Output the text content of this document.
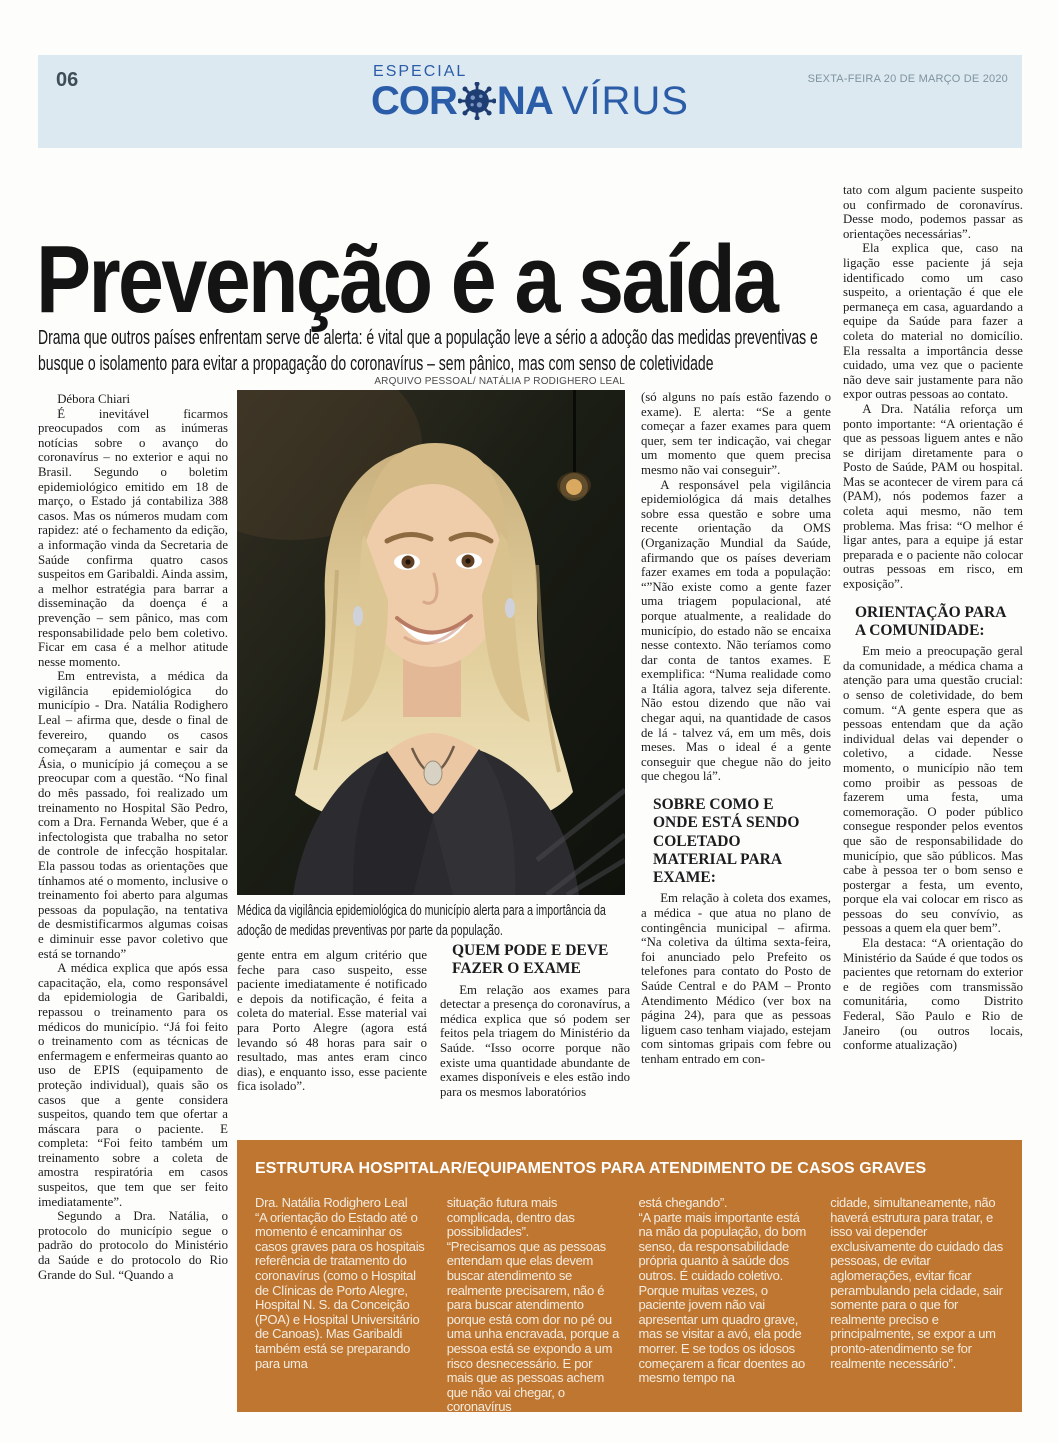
06	ESPECIAL
COR NA VÍRUS	SEXTA-FEIRA 20 DE MARÇO DE 2020
Prevenção é a saída

Drama que outros países enfrentam serve de alerta: é vital que a população leve a sério a adoção das medidas preventivas e busque o isolamento para evitar a propagação do coronavírus – sem pânico, mas com senso de coletividade

Débora Chiari

É inevitável ficarmos preocupados com as inúmeras notícias sobre o avanço do coronavírus – no exterior e aqui no Brasil. Segundo o boletim epidemiológico emitido em 18 de março, o Estado já contabiliza 388 casos. Mas os números mudam com rapidez: até o fechamento da edição, a informação vinda da Secretaria de Saúde confirma quatro casos suspeitos em Garibaldi. Ainda assim, a melhor estratégia para barrar a disseminação da doença é a prevenção – sem pânico, mas com responsabilidade pelo bem coletivo. Ficar em casa é a melhor atitude nesse momento.

Em entrevista, a médica da vigilância epidemiológica do município - Dra. Natália Rodighero Leal – afirma que, desde o final de fevereiro, quando os casos começaram a aumentar e sair da Ásia, o município já começou a se preocupar com a questão. “No final do mês passado, foi realizado um treinamento no Hospital São Pedro, com a Dra. Fernanda Weber, que é a infectologista que trabalha no setor de controle de infecção hospitalar. Ela passou todas as orientações que tínhamos até o momento, inclusive o treinamento foi aberto para algumas pessoas da população, na tentativa de desmistificarmos algumas coisas e diminuir esse pavor coletivo que está se tornando”

A médica explica que após essa capacitação, ela, como responsável da epidemiologia de Garibaldi, repassou o treinamento para os médicos do município. “Já foi feito o treinamento com as técnicas de enfermagem e enfermeiras quanto ao uso de EPIS (equipamento de proteção individual), quais são os casos que a gente considera suspeitos, quando tem que ofertar a máscara para o paciente. E completa: “Foi feito também um treinamento sobre a coleta de amostra respiratória em casos suspeitos, que tem que ser feito imediatamente”.

Segundo a Dra. Natália, o protocolo do município segue o padrão do protocolo do Ministério da Saúde e do protocolo do Rio Grande do Sul. “Quando a

ARQUIVO PESSOAL/ NATÁLIA P RODIGHERO LEAL
Médica da vigilância epidemiológica do município alerta para a importância da adoção de medidas preventivas por parte da população.

gente entra em algum critério que feche para caso suspeito, esse paciente imediatamente é notificado e depois da notificação, é feita a coleta do material. Esse material vai para Porto Alegre (agora está levando só 48 horas para sair o resultado, mas antes eram cinco dias), e enquanto isso, esse paciente fica isolado”.

QUEM PODE E DEVE FAZER O EXAME

Em relação aos exames para detectar a presença do coronavírus, a médica explica que só podem ser feitos pela triagem do Ministério da Saúde. “Isso ocorre porque não existe uma quantidade abundante de exames disponíveis e eles estão indo para os mesmos laboratórios

(só alguns no país estão fazendo o exame). E alerta: “Se a gente começar a fazer exames para quem quer, sem ter indicação, vai chegar um momento que quem precisa mesmo não vai conseguir”.

A responsável pela vigilância epidemiológica dá mais detalhes sobre essa questão e sobre uma recente orientação da OMS (Organização Mundial da Saúde, afirmando que os países deveriam fazer exames em toda a população: “”Não existe como a gente fazer uma triagem populacional, até porque atualmente, a realidade do município, do estado não se encaixa nesse contexto. Não teríamos como dar conta de tantos exames. E exemplifica: “Numa realidade como a Itália agora, talvez seja diferente. Não estou dizendo que não vai chegar aqui, na quantidade de casos de lá - talvez vá, em um mês, dois meses. Mas o ideal é a gente conseguir que chegue não do jeito que chegou lá”.

SOBRE COMO E ONDE ESTÁ SENDO COLETADO MATERIAL PARA EXAME:

Em relação à coleta dos exames, a médica - que atua no plano de contingência municipal – afirma. “Na coletiva da última sexta-feira, foi anunciado pelo Prefeito os telefones para contato do Posto de Saúde Central e do PAM – Pronto Atendimento Médico (ver box na página 24), para que as pessoas liguem caso tenham viajado, estejam com sintomas gripais com febre ou tenham entrado em con-

tato com algum paciente suspeito ou confirmado de coronavírus. Desse modo, podemos passar as orientações necessárias”.

Ela explica que, caso na ligação esse paciente já seja identificado como um caso suspeito, a orientação é que ele permaneça em casa, aguardando a equipe da Saúde para fazer a coleta do material no domicílio. Ela ressalta a importância desse cuidado, uma vez que o paciente não deve sair justamente para não expor outras pessoas ao contato.

A Dra. Natália reforça um ponto importante: “A orientação é que as pessoas liguem antes e não se dirijam diretamente para o Posto de Saúde, PAM ou hospital. Mas se acontecer de virem para cá (PAM), nós podemos fazer a coleta aqui mesmo, não tem problema. Mas frisa: “O melhor é ligar antes, para a equipe já estar preparada e o paciente não colocar outras pessoas em risco, em exposição”.

ORIENTAÇÃO PARA A COMUNIDADE:

Em meio a preocupação geral da comunidade, a médica chama a atenção para uma questão crucial: o senso de coletividade, do bem comum. “A gente espera que as pessoas entendam que da ação individual delas vai depender o coletivo, a cidade. Nesse momento, o município não tem como proibir as pessoas de fazerem uma festa, uma comemoração. O poder público consegue responder pelos eventos que são de responsabilidade do município, que são públicos. Mas cabe à pessoa ter o bom senso e postergar a festa, um evento, porque ela vai colocar em risco as pessoas do seu convívio, as pessoas a quem ela quer bem”.

Ela destaca: “A orientação do Ministério da Saúde é que todos os pacientes que retornam do exterior e de regiões com transmissão comunitária, como Distrito Federal, São Paulo e Rio de Janeiro (ou outros locais, conforme atualização)

ESTRUTURA HOSPITALAR/EQUIPAMENTOS PARA ATENDIMENTO DE CASOS GRAVES

Dra. Natália Rodighero Leal

“A orientação do Estado até o momento é encaminhar os casos graves para os hospitais referência de tratamento do coronavírus (como o Hospital de Clínicas de Porto Alegre, Hospital N. S. da Conceição (POA) e Hospital Universitário de Canoas). Mas Garibaldi também está se preparando para uma

situação futura mais complicada, dentro das possiblidades”.

“Precisamos que as pessoas entendam que elas devem buscar atendimento se realmente precisarem, não é para buscar atendimento porque está com dor no pé ou uma unha encravada, porque a pessoa está se expondo a um risco desnecessário. E por mais que as pessoas achem que não vai chegar, o coronavírus

está chegando”.

“A parte mais importante está na mão da população, do bom senso, da responsabilidade própria quanto à saúde dos outros. É cuidado coletivo. Porque muitas vezes, o paciente jovem não vai apresentar um quadro grave, mas se visitar a avó, ela pode morrer. E se todos os idosos começarem a ficar doentes ao mesmo tempo na

cidade, simultaneamente, não haverá estrutura para tratar, e isso vai depender exclusivamente do cuidado das pessoas, de evitar aglomerações, evitar ficar perambulando pela cidade, sair somente para o que for realmente preciso e principalmente, se expor a um pronto-atendimento se for realmente necessário”.
